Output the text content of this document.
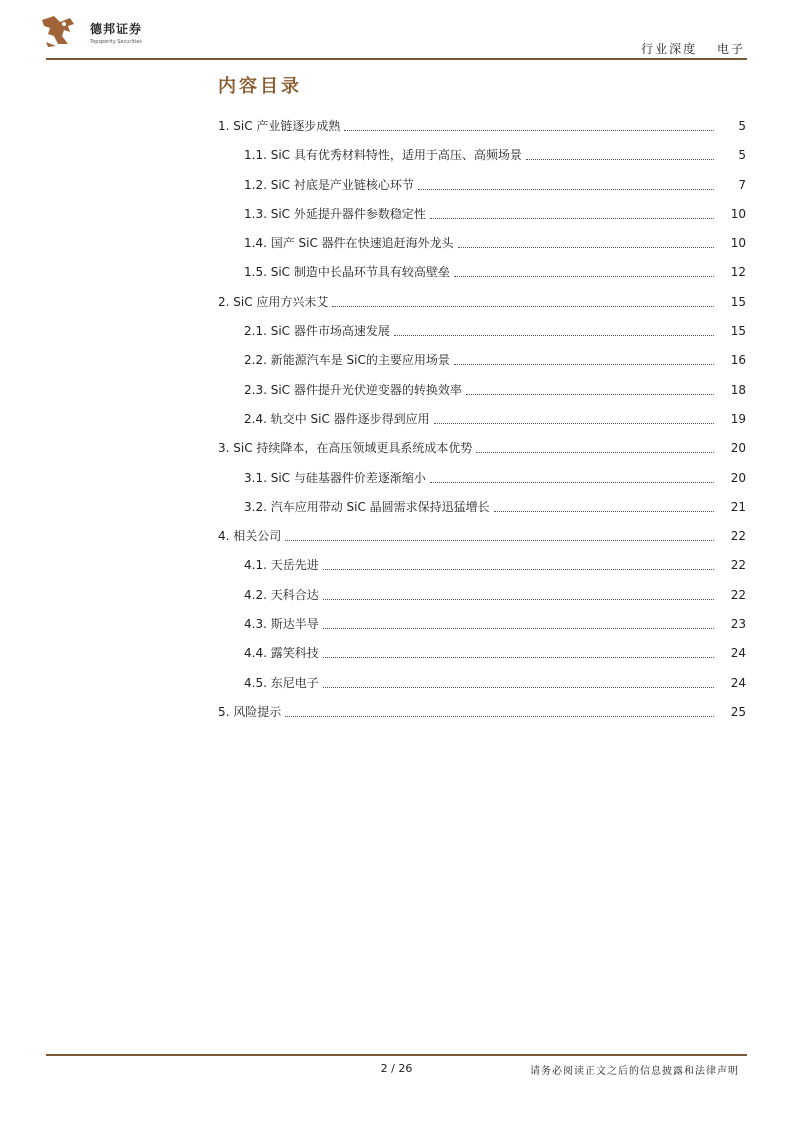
德邦证券
Topsperity Securities	行业深度 电子
内容目录
1. SiC 产业链逐步成熟	5
1.1. SiC 具有优秀材料特性，适用于高压、高频场景	5
1.2. SiC 衬底是产业链核心环节	7
1.3. SiC 外延提升器件参数稳定性	10
1.4. 国产 SiC 器件在快速追赶海外龙头	10
1.5. SiC 制造中长晶环节具有较高壁垒	12
2. SiC 应用方兴未艾	15
2.1. SiC 器件市场高速发展	15
2.2. 新能源汽车是 SiC的主要应用场景	16
2.3. SiC 器件提升光伏逆变器的转换效率	18
2.4. 轨交中 SiC 器件逐步得到应用	19
3. SiC 持续降本，在高压领域更具系统成本优势	20
3.1. SiC 与硅基器件价差逐渐缩小	20
3.2. 汽车应用带动 SiC 晶圆需求保持迅猛增长	21
4. 相关公司	22
4.1. 天岳先进	22
4.2. 天科合达	22
4.3. 斯达半导	23
4.4. 露笑科技	24
4.5. 东尼电子	24
5. 风险提示	25
2 / 26	请务必阅读正文之后的信息披露和法律声明
